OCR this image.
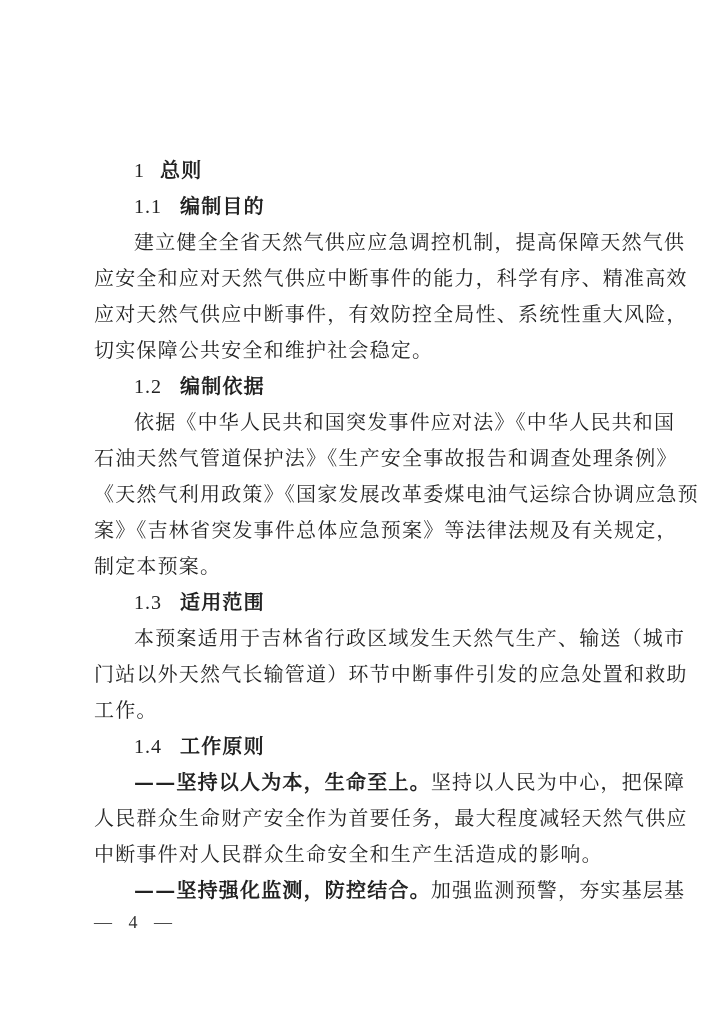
1 总则
1.1 编制目的
建立健全全省天然气供应应急调控机制，提高保障天然气供
应安全和应对天然气供应中断事件的能力，科学有序、精准高效
应对天然气供应中断事件，有效防控全局性、系统性重大风险，
切实保障公共安全和维护社会稳定。
1.2 编制依据
依据《中华人民共和国突发事件应对法》《中华人民共和国
石油天然气管道保护法》《生产安全事故报告和调查处理条例》
《天然气利用政策》《国家发展改革委煤电油气运综合协调应急预
案》《吉林省突发事件总体应急预案》等法律法规及有关规定，
制定本预案。
1.3 适用范围
本预案适用于吉林省行政区域发生天然气生产、输送（城市
门站以外天然气长输管道）环节中断事件引发的应急处置和救助
工作。
1.4 工作原则
——坚持以人为本，生命至上。坚持以人民为中心，把保障
人民群众生命财产安全作为首要任务，最大程度减轻天然气供应
中断事件对人民群众生命安全和生产生活造成的影响。
——坚持强化监测，防控结合。加强监测预警，夯实基层基
— 4 —
